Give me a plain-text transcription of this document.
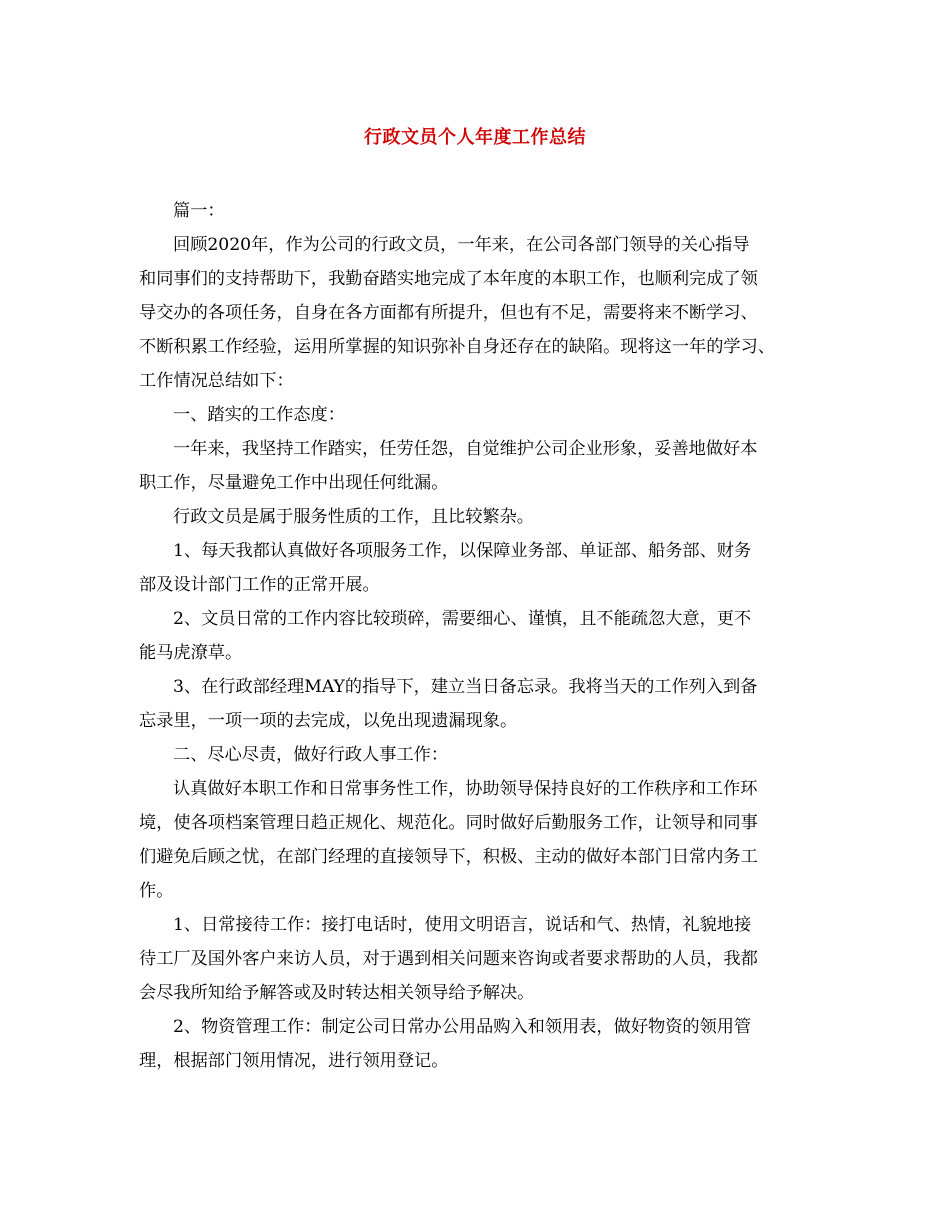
行政文员个人年度工作总结
篇一：
回顾2020年，作为公司的行政文员，一年来，在公司各部门领导的关心指导
和同事们的支持帮助下，我勤奋踏实地完成了本年度的本职工作，也顺利完成了领
导交办的各项任务，自身在各方面都有所提升，但也有不足，需要将来不断学习、
不断积累工作经验，运用所掌握的知识弥补自身还存在的缺陷。现将这一年的学习、
工作情况总结如下：
一、踏实的工作态度：
一年来，我坚持工作踏实，任劳任怨，自觉维护公司企业形象，妥善地做好本
职工作，尽量避免工作中出现任何纰漏。
行政文员是属于服务性质的工作，且比较繁杂。
1、每天我都认真做好各项服务工作，以保障业务部、单证部、船务部、财务
部及设计部门工作的正常开展。
2、文员日常的工作内容比较琐碎，需要细心、谨慎，且不能疏忽大意，更不
能马虎潦草。
3、在行政部经理MAY的指导下，建立当日备忘录。我将当天的工作列入到备
忘录里，一项一项的去完成，以免出现遗漏现象。
二、尽心尽责，做好行政人事工作：
认真做好本职工作和日常事务性工作，协助领导保持良好的工作秩序和工作环
境，使各项档案管理日趋正规化、规范化。同时做好后勤服务工作，让领导和同事
们避免后顾之忧，在部门经理的直接领导下，积极、主动的做好本部门日常内务工
作。
1、日常接待工作：接打电话时，使用文明语言，说话和气、热情，礼貌地接
待工厂及国外客户来访人员，对于遇到相关问题来咨询或者要求帮助的人员，我都
会尽我所知给予解答或及时转达相关领导给予解决。
2、物资管理工作：制定公司日常办公用品购入和领用表，做好物资的领用管
理，根据部门领用情况，进行领用登记。
